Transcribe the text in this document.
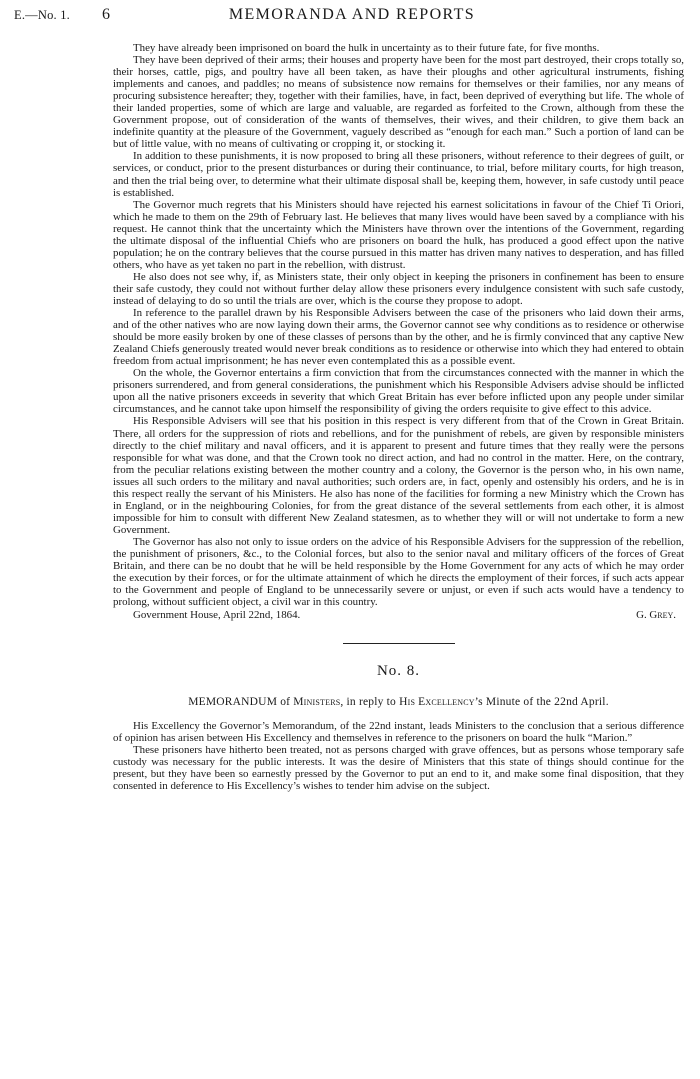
E.—No. 1. 6	MEMORANDA AND REPORTS

They have already been imprisoned on board the hulk in uncertainty as to their future fate, for five months.

They have been deprived of their arms; their houses and property have been for the most part destroyed, their crops totally so, their horses, cattle, pigs, and poultry have all been taken, as have their ploughs and other agricultural instruments, fishing implements and canoes, and paddles; no means of subsistence now remains for themselves or their families, nor any means of procuring subsistence hereafter; they, together with their families, have, in fact, been deprived of everything but life. The whole of their landed properties, some of which are large and valuable, are regarded as forfeited to the Crown, although from these the Government propose, out of consideration of the wants of themselves, their wives, and their children, to give them back an indefinite quantity at the pleasure of the Government, vaguely described as “enough for each man.” Such a portion of land can be but of little value, with no means of cultivating or cropping it, or stocking it.

In addition to these punishments, it is now proposed to bring all these prisoners, without reference to their degrees of guilt, or services, or conduct, prior to the present disturbances or during their continuance, to trial, before military courts, for high treason, and then the trial being over, to determine what their ultimate disposal shall be, keeping them, however, in safe custody until peace is established.

The Governor much regrets that his Ministers should have rejected his earnest solicitations in favour of the Chief Ti Oriori, which he made to them on the 29th of February last. He believes that many lives would have been saved by a compliance with his request. He cannot think that the uncertainty which the Ministers have thrown over the intentions of the Government, regarding the ultimate disposal of the influential Chiefs who are prisoners on board the hulk, has produced a good effect upon the native population; he on the contrary believes that the course pursued in this matter has driven many natives to desperation, and has filled others, who have as yet taken no part in the rebellion, with distrust.

He also does not see why, if, as Ministers state, their only object in keeping the prisoners in confinement has been to ensure their safe custody, they could not without further delay allow these prisoners every indulgence consistent with such safe custody, instead of delaying to do so until the trials are over, which is the course they propose to adopt.

In reference to the parallel drawn by his Responsible Advisers between the case of the prisoners who laid down their arms, and of the other natives who are now laying down their arms, the Governor cannot see why conditions as to residence or otherwise should be more easily broken by one of these classes of persons than by the other, and he is firmly convinced that any captive New Zealand Chiefs generously treated would never break conditions as to residence or otherwise into which they had entered to obtain freedom from actual imprisonment; he has never even contemplated this as a possible event.

On the whole, the Governor entertains a firm conviction that from the circumstances connected with the manner in which the prisoners surrendered, and from general considerations, the punishment which his Responsible Advisers advise should be inflicted upon all the native prisoners exceeds in severity that which Great Britain has ever before inflicted upon any people under similar circumstances, and he cannot take upon himself the responsibility of giving the orders requisite to give effect to this advice.

His Responsible Advisers will see that his position in this respect is very different from that of the Crown in Great Britain. There, all orders for the suppression of riots and rebellions, and for the punishment of rebels, are given by responsible ministers directly to the chief military and naval officers, and it is apparent to present and future times that they really were the persons responsible for what was done, and that the Crown took no direct action, and had no control in the matter. Here, on the contrary, from the peculiar relations existing between the mother country and a colony, the Governor is the person who, in his own name, issues all such orders to the military and naval authorities; such orders are, in fact, openly and ostensibly his orders, and he is in this respect really the servant of his Ministers. He also has none of the facilities for forming a new Ministry which the Crown has in England, or in the neighbouring Colonies, for from the great distance of the several settlements from each other, it is almost impossible for him to consult with different New Zealand statesmen, as to whether they will or will not undertake to form a new Government.

The Governor has also not only to issue orders on the advice of his Responsible Advisers for the suppression of the rebellion, the punishment of prisoners, &c., to the Colonial forces, but also to the senior naval and military officers of the forces of Great Britain, and there can be no doubt that he will be held responsible by the Home Government for any acts of which he may order the execution by their forces, or for the ultimate attainment of which he directs the employment of their forces, if such acts appear to the Government and people of England to be unnecessarily severe or unjust, or even if such acts would have a tendency to prolong, without sufficient object, a civil war in this country.

Government House, April 22nd, 1864.	G. Grey.
No. 8.
MEMORANDUM of Ministers, in reply to His Excellency’s Minute of the 22nd April.

His Excellency the Governor’s Memorandum, of the 22nd instant, leads Ministers to the conclusion that a serious difference of opinion has arisen between His Excellency and themselves in reference to the prisoners on board the hulk “Marion.”

These prisoners have hitherto been treated, not as persons charged with grave offences, but as persons whose temporary safe custody was necessary for the public interests. It was the desire of Ministers that this state of things should continue for the present, but they have been so earnestly pressed by the Governor to put an end to it, and make some final disposition, that they consented in deference to His Excellency’s wishes to tender him advise on the subject.
